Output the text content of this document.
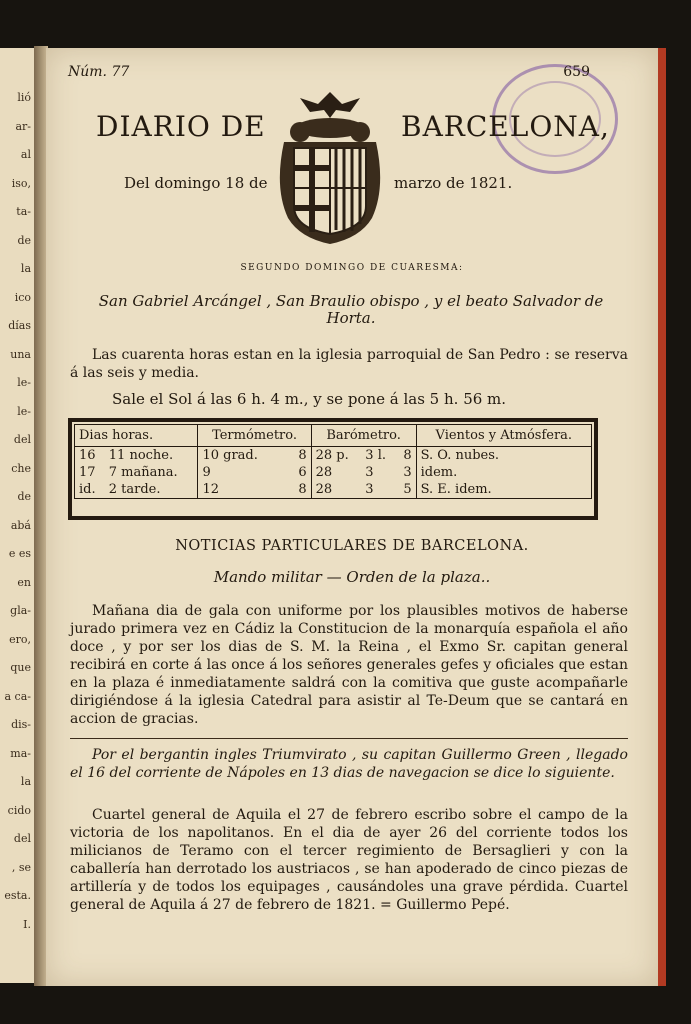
lió
ar-
al
iso,
ta-
de
la
ico
días
una
le-
le-
del
che
de
abá
e es
en
gla-
ero,
que
a ca-
dis-
ma-
la
cido
del
, se
esta.
I.
Núm. 77	659
DIARIO DE	BARCELONA,
Del domingo 18 de	marzo de 1821.
SEGUNDO DOMINGO DE CUARESMA:
San Gabriel Arcángel , San Braulio obispo , y el beato Salvador de Horta.
Las cuarenta horas estan en la iglesia parroquial de San Pedro : se reserva á las seis y media.
Sale el Sol á las 6 h. 4 m., y se pone á las 5 h. 56 m.
Dias horas.		Termómetro.		Barómetro.			Vientos y Atmósfera.
16	11 noche.	10 grad.	8	28 p.	3 l.	8	S. O. nubes.
17	7 mañana.	9	6	28	3	3	idem.
id.	2 tarde.	12	8	28	3	5	S. E. idem.
NOTICIAS PARTICULARES DE BARCELONA.
Mando militar — Orden de la plaza..
Mañana dia de gala con uniforme por los plausibles motivos de haberse jurado primera vez en Cádiz la Constitucion de la monarquía española el año doce , y por ser los dias de S. M. la Reina , el Exmo Sr. capitan general recibirá en corte á las once á los señores generales gefes y oficiales que estan en la plaza é inmediatamente saldrá con la comitiva que guste acompañarle dirigiéndose á la iglesia Catedral para asistir al Te-Deum que se cantará en accion de gracias.
Por el bergantin ingles Triumvirato , su capitan Guillermo Green , llegado el 16 del corriente de Nápoles en 13 dias de navegacion se dice lo siguiente.
Cuartel general de Aquila el 27 de febrero escribo sobre el campo de la victoria de los napolitanos. En el dia de ayer 26 del corriente todos los milicianos de Teramo con el tercer regimiento de Bersaglieri y con la caballería han derrotado los austriacos , se han apoderado de cinco piezas de artillería y de todos los equipages , causándoles una grave pérdida. Cuartel general de Aquila á 27 de febrero de 1821. = Guillermo Pepé.
